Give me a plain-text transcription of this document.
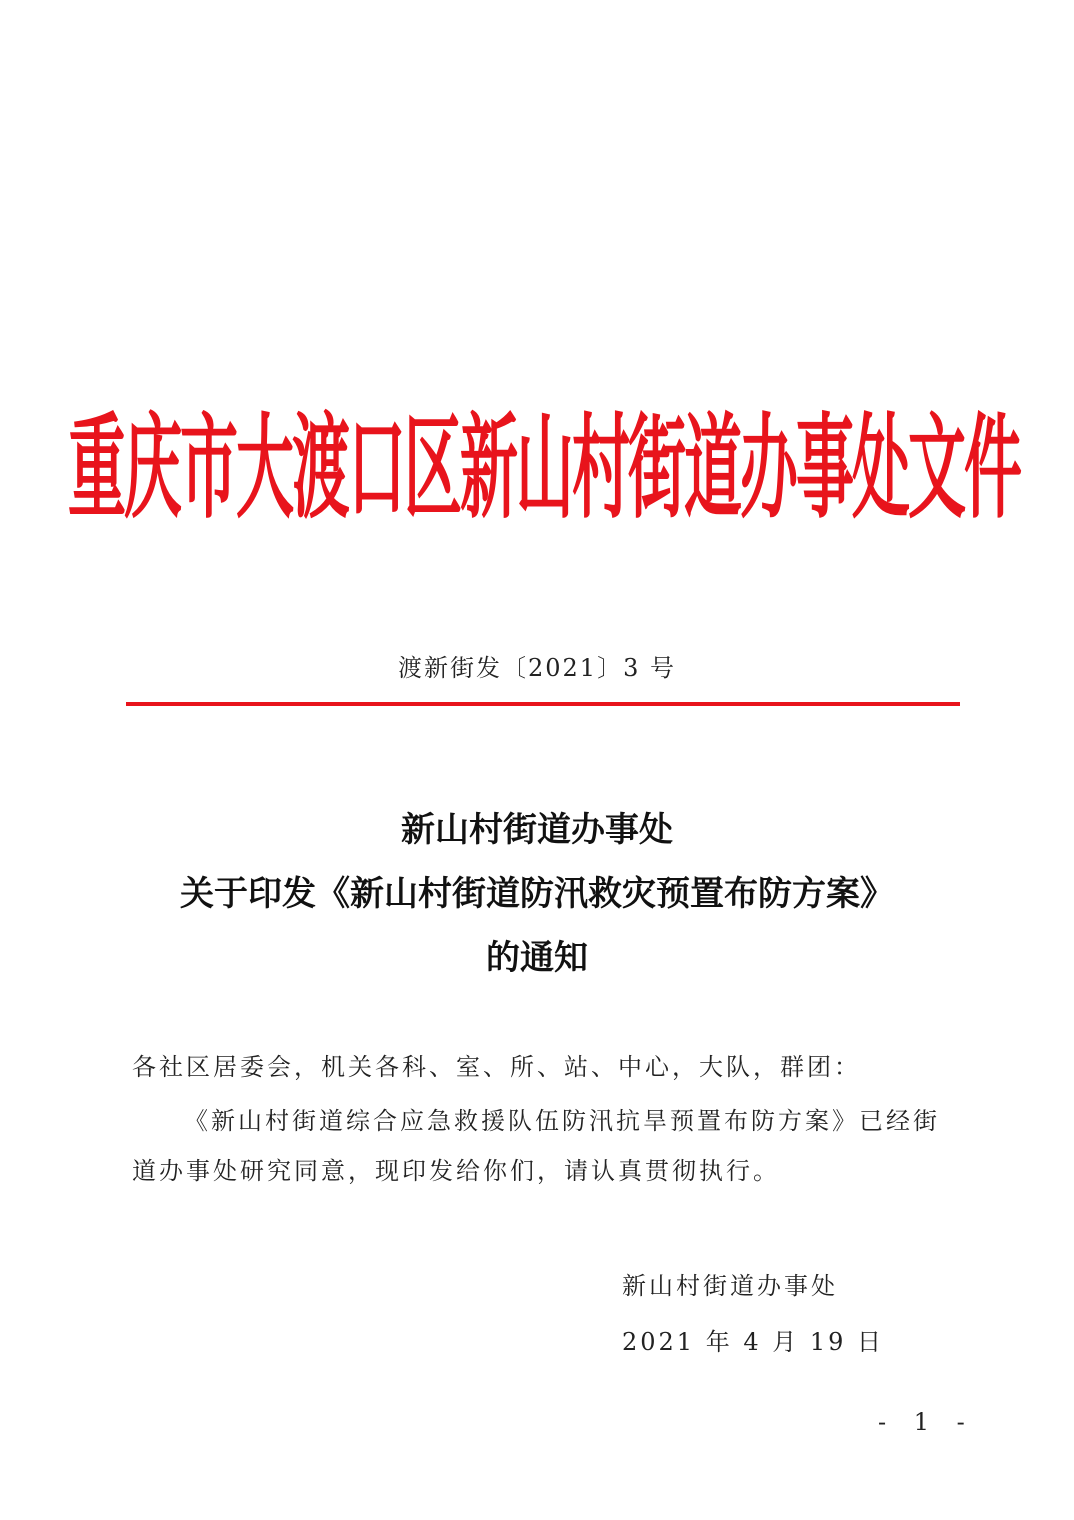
重庆市大渡口区新山村街道办事处文件
渡新街发〔2021〕3 号
新山村街道办事处
关于印发《新山村街道防汛救灾预置布防方案》
的通知
各社区居委会，机关各科、室、所、站、中心，大队，群团：
《新山村街道综合应急救援队伍防汛抗旱预置布防方案》已经街道办事处研究同意，现印发给你们，请认真贯彻执行。
新山村街道办事处
2021 年 4 月 19 日
- 1 -
